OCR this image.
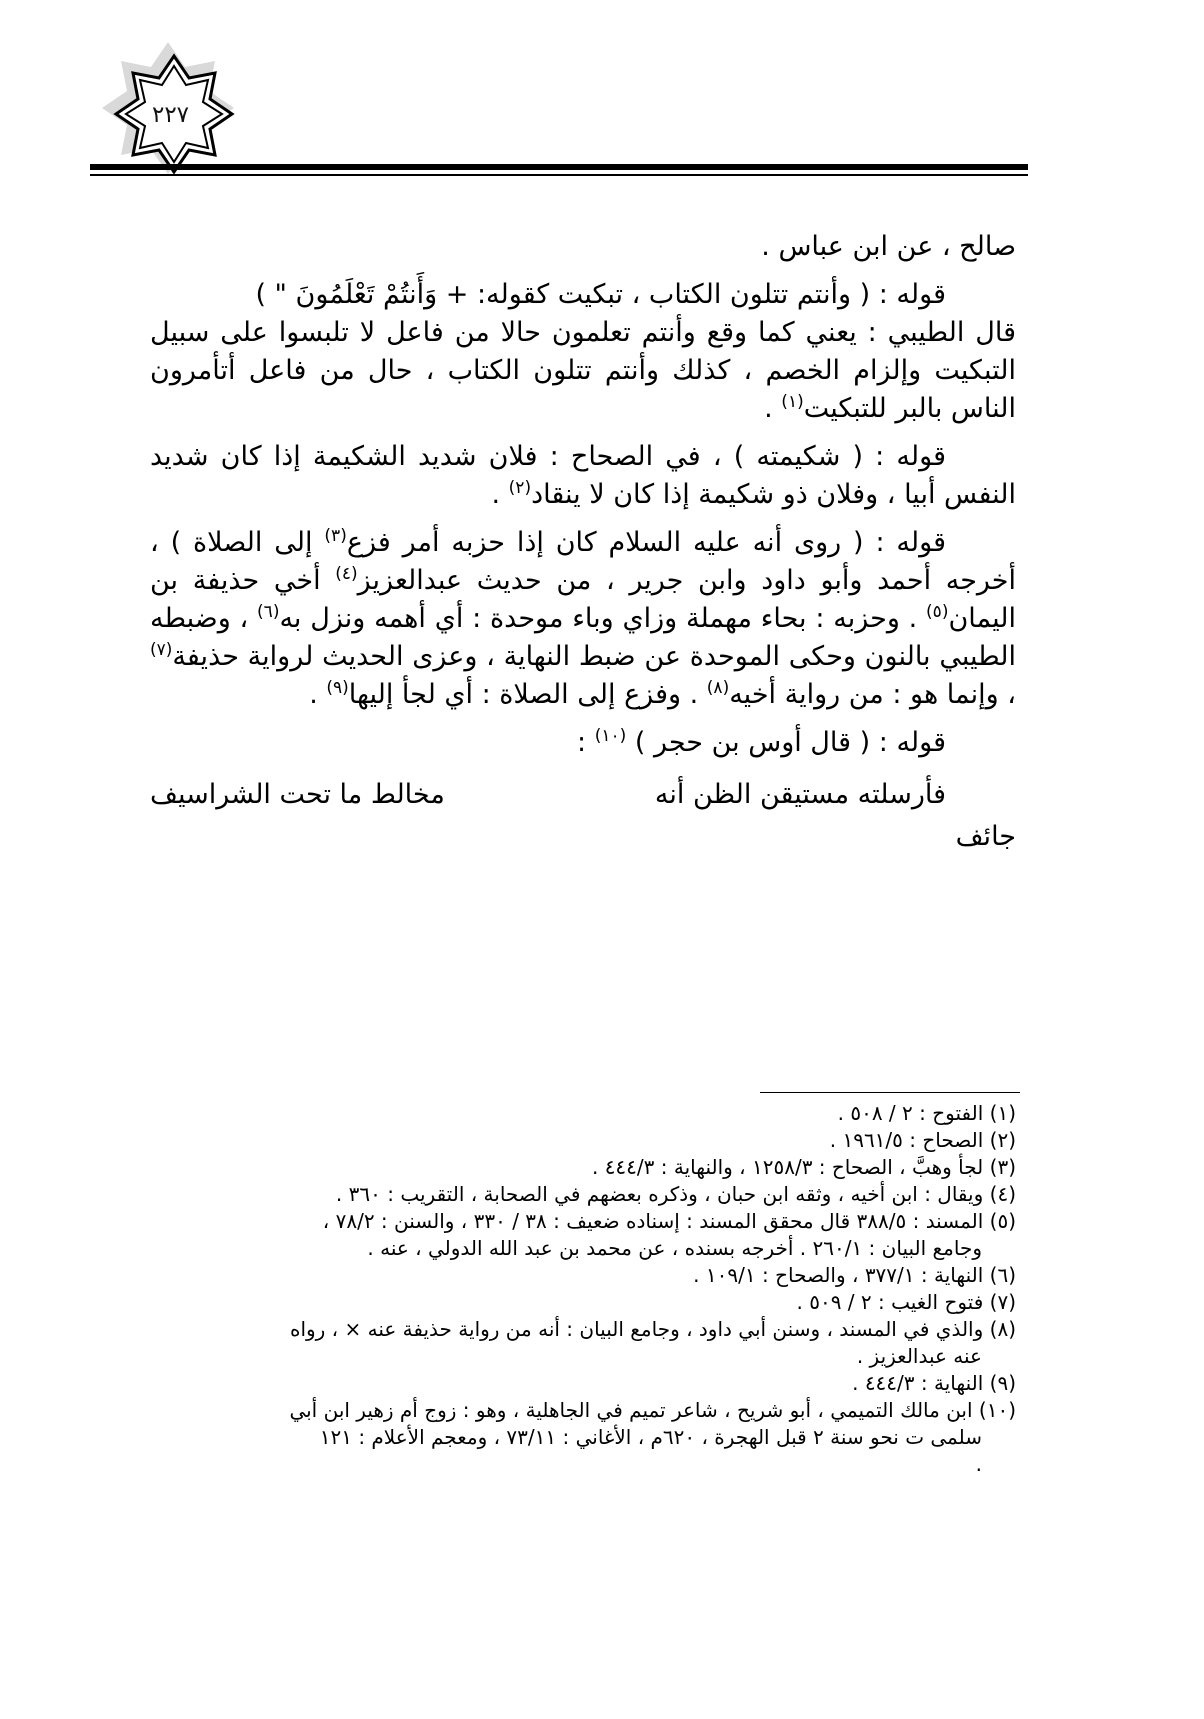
٢٢٧

صالح ، عن ابن عباس .

قوله : ( وأنتم تتلون الكتاب ، تبكيت كقوله: + وَأَنتُمْ تَعْلَمُونَ " )
قال الطيبي : يعني كما وقع وأنتم تعلمون حالا من فاعل لا تلبسوا على سبيل التبكيت وإلزام الخصم ، كذلك وأنتم تتلون الكتاب ، حال من فاعل أتأمرون الناس بالبر للتبكيت$^{(١)}$ .

قوله : ( شكيمته ) ، في الصحاح : فلان شديد الشكيمة إذا كان شديد النفس أبيا ، وفلان ذو شكيمة إذا كان لا ينقاد$^{(٢)}$ .

قوله : ( روى أنه عليه السلام كان إذا حزبه أمر فزع$^{(٣)}$ إلى الصلاة ) ، أخرجه أحمد وأبو داود وابن جرير ، من حديث عبدالعزيز$^{(٤)}$ أخي حذيفة بن اليمان$^{(٥)}$ . وحزبه : بحاء مهملة وزاي وباء موحدة : أي أهمه ونزل به$^{(٦)}$ ، وضبطه الطيبي بالنون وحكى الموحدة عن ضبط النهاية ، وعزى الحديث لرواية حذيفة$^{(٧)}$ ، وإنما هو : من رواية أخيه$^{(٨)}$ . وفزع إلى الصلاة : أي لجأ إليها$^{(٩)}$ .

قوله : ( قال أوس بن حجر ) $^{(١٠)}$ :

فأرسلته مستيقن الظن أنه
مخالط ما تحت الشراسيف
جائف

(١) الفتوح : ٢ / ٥٠٨ .

(٢) الصحاح : ١٩٦١/٥ .

(٣) لجأ وهبَّ ، الصحاح : ١٢٥٨/٣ ، والنهاية : ٤٤٤/٣ .

(٤) ويقال : ابن أخيه ، وثقه ابن حبان ، وذكره بعضهم في الصحابة ، التقريب : ٣٦٠ .

(٥) المسند : ٣٨٨/٥ قال محقق المسند : إسناده ضعيف : ٣٨ / ٣٣٠ ، والسنن : ٧٨/٢ ،
وجامع البيان : ٢٦٠/١ . أخرجه بسنده ، عن محمد بن عبد الله الدولي ، عنه .

(٦) النهاية : ٣٧٧/١ ، والصحاح : ١٠٩/١ .

(٧) فتوح الغيب : ٢ / ٥٠٩ .

(٨) والذي في المسند ، وسنن أبي داود ، وجامع البيان : أنه من رواية حذيفة عنه × ، رواه
عنه عبدالعزيز .

(٩) النهاية : ٤٤٤/٣ .

(١٠) ابن مالك التميمي ، أبو شريح ، شاعر تميم في الجاهلية ، وهو : زوج أم زهير ابن أبي
سلمى ت نحو سنة ٢ قبل الهجرة ، ٦٢٠م ، الأغاني : ٧٣/١١ ، ومعجم الأعلام : ١٢١
.
